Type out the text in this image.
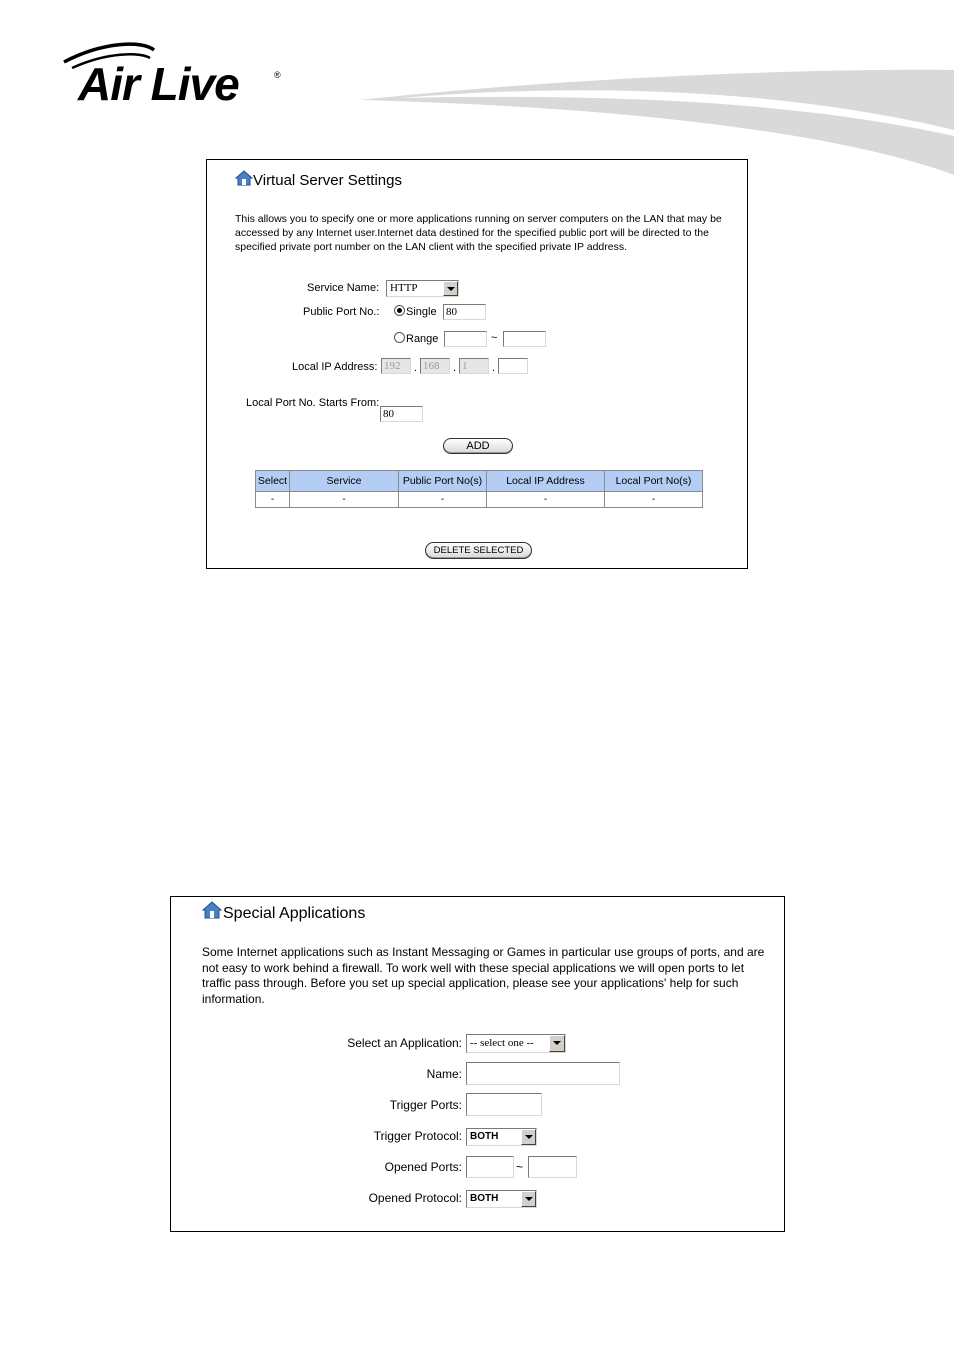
Air Live	®
Virtual Server Settings
This allows you to specify one or more applications running on server computers on the LAN that may be accessed by any Internet user.Internet data destined for the specified public port will be directed to the specified private port number on the LAN client with the specified private IP address.
Service Name: HTTP
Public Port No.: Single 80
Range	~
Local IP Address: 192	. 168	. 1	.
Local Port No. Starts From:
80
ADD
Select	Service	Public Port No(s)	Local IP Address	Local Port No(s)
-	-	-	-	-
DELETE SELECTED
Special Applications
Some Internet applications such as Instant Messaging or Games in particular use groups of ports, and are not easy to work behind a firewall. To work well with these special applications we will open ports to let traffic pass through. Before you set up special application, please see your applications' help for such information.
Select an Application: -- select one --
Name:
Trigger Ports:
Trigger Protocol: BOTH
Opened Ports:	~
Opened Protocol: BOTH
